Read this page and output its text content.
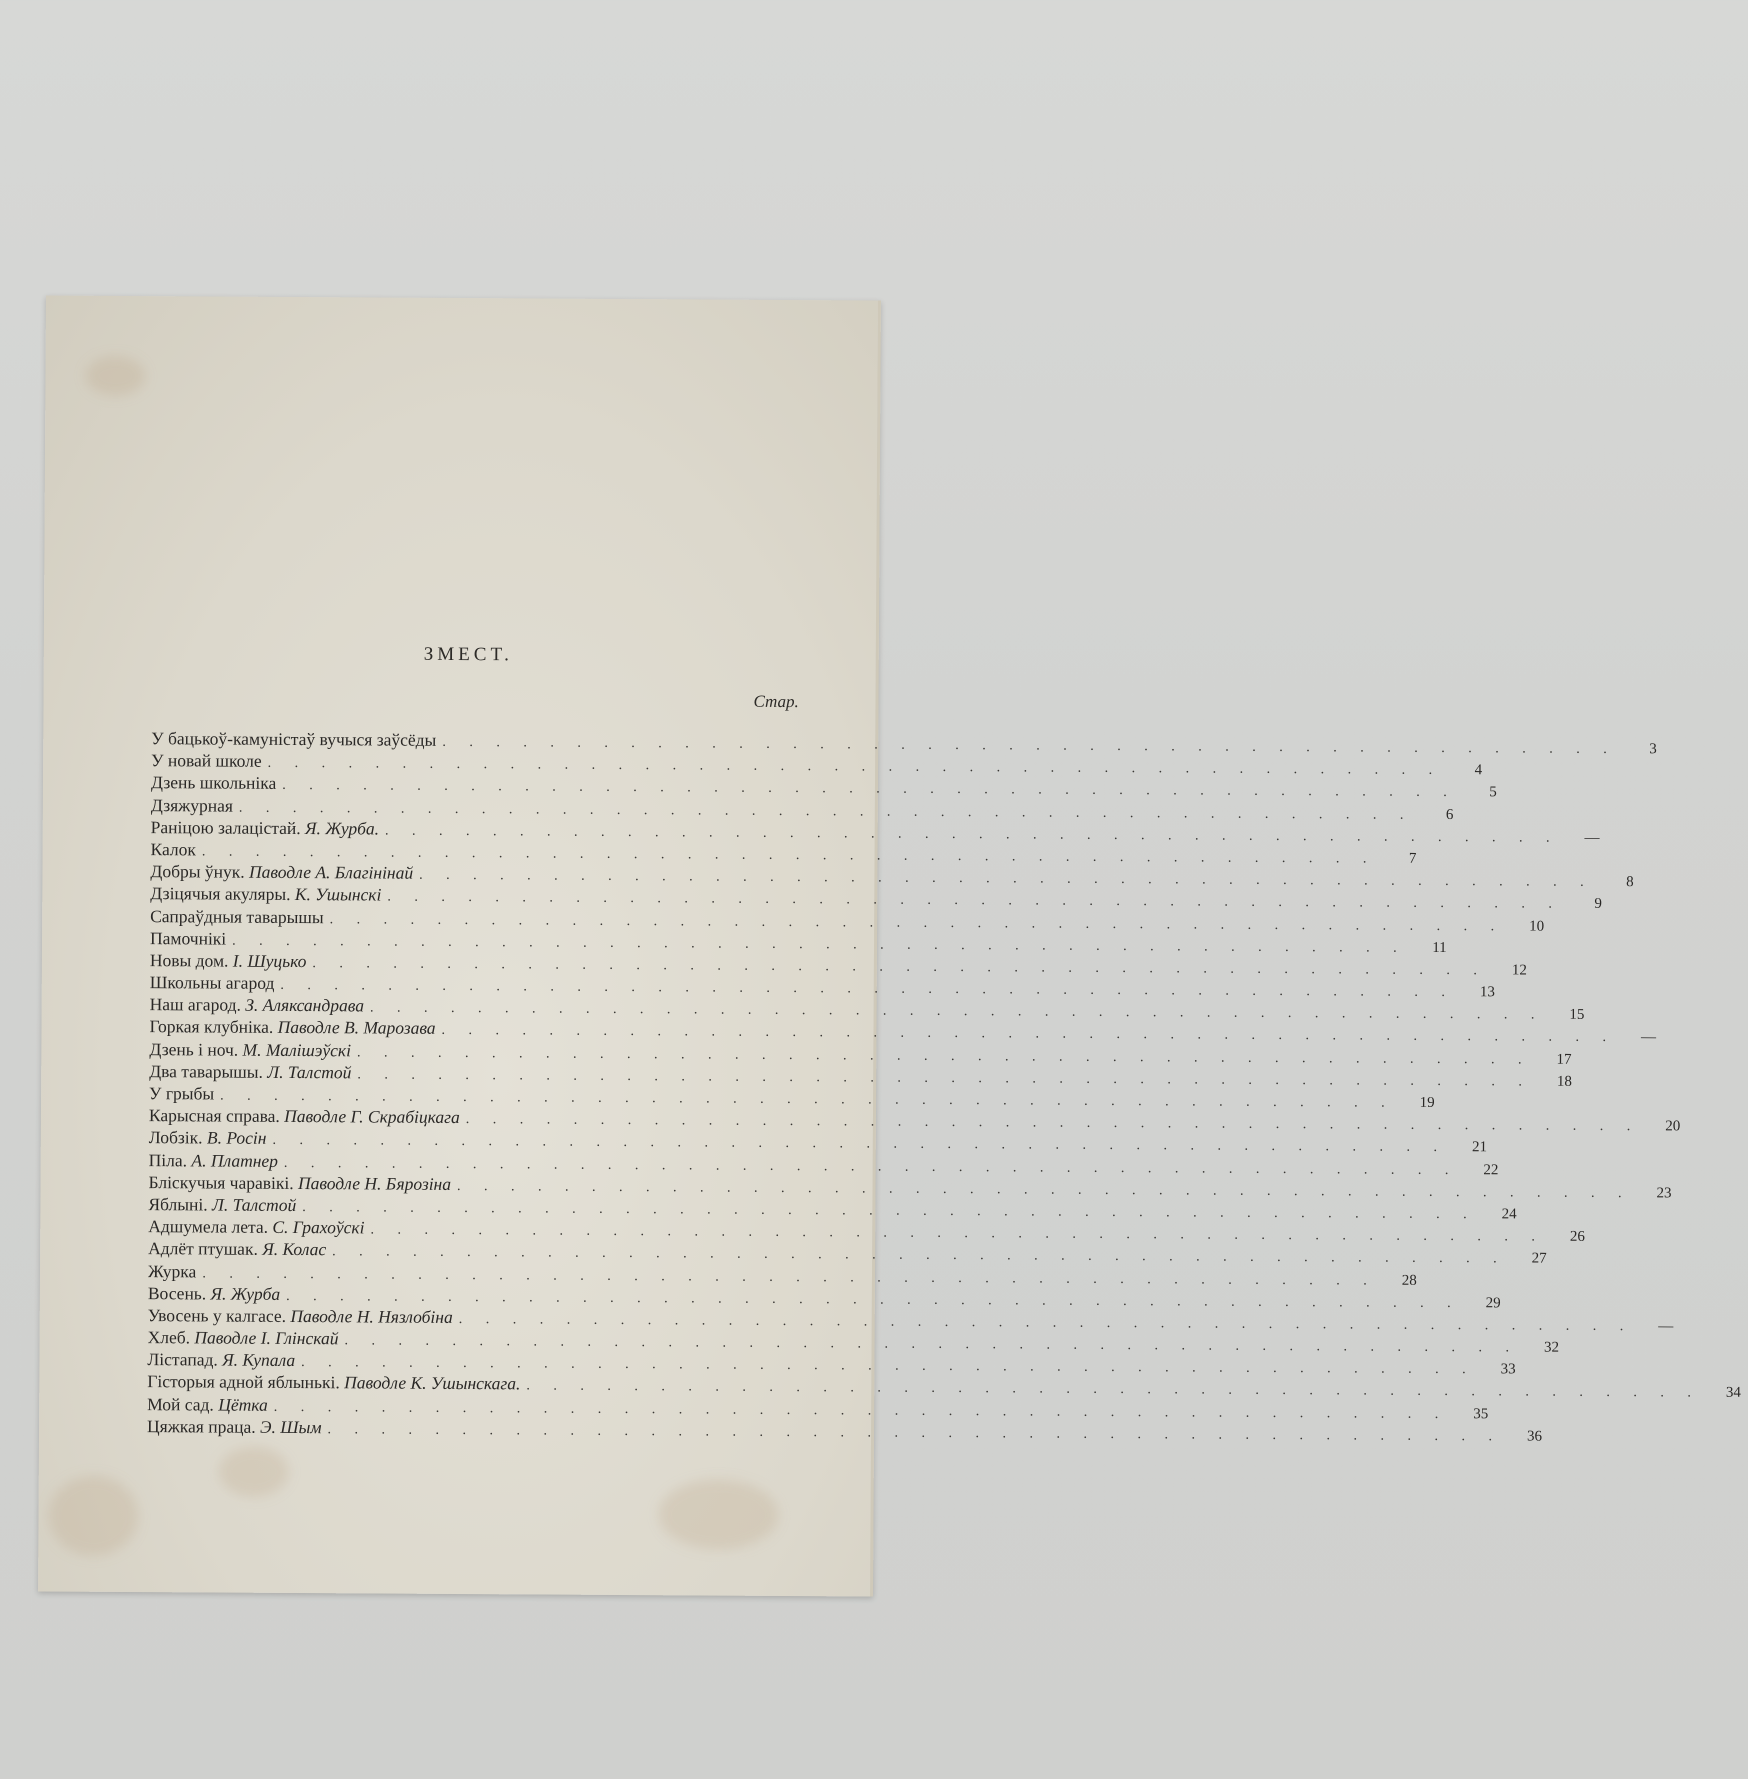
ЗМЕСТ.
Стар.
У бацькоў-камуністаў вучыся заўсёды . . . . . . . . . . . . . . . . . . . . . . . . . . . . . . . . . . . . . . . . . . . .	3
У новай школе . . . . . . . . . . . . . . . . . . . . . . . . . . . . . . . . . . . . . . . . . . . .	4
Дзень школьніка . . . . . . . . . . . . . . . . . . . . . . . . . . . . . . . . . . . . . . . . . . . .	5
Дзяжурная . . . . . . . . . . . . . . . . . . . . . . . . . . . . . . . . . . . . . . . . . . . .	6
Раніцою залацістай. Я. Журба. . . . . . . . . . . . . . . . . . . . . . . . . . . . . . . . . . . . . . . . . . . . .	—
Калок . . . . . . . . . . . . . . . . . . . . . . . . . . . . . . . . . . . . . . . . . . . .	7
Добры ўнук. Паводле А. Благінінай . . . . . . . . . . . . . . . . . . . . . . . . . . . . . . . . . . . . . . . . . . . .	8
Дзіцячыя акуляры. К. Ушынскі . . . . . . . . . . . . . . . . . . . . . . . . . . . . . . . . . . . . . . . . . . . .	9
Сапраўдныя таварышы . . . . . . . . . . . . . . . . . . . . . . . . . . . . . . . . . . . . . . . . . . . .	10
Памочнікі . . . . . . . . . . . . . . . . . . . . . . . . . . . . . . . . . . . . . . . . . . . .	11
Новы дом. І. Шуцько . . . . . . . . . . . . . . . . . . . . . . . . . . . . . . . . . . . . . . . . . . . .	12
Школьны агарод . . . . . . . . . . . . . . . . . . . . . . . . . . . . . . . . . . . . . . . . . . . .	13
Наш агарод. З. Аляксандрава . . . . . . . . . . . . . . . . . . . . . . . . . . . . . . . . . . . . . . . . . . . .	15
Горкая клубніка. Паводле В. Марозава . . . . . . . . . . . . . . . . . . . . . . . . . . . . . . . . . . . . . . . . . . . .	—
Дзень і ноч. М. Малішэўскі . . . . . . . . . . . . . . . . . . . . . . . . . . . . . . . . . . . . . . . . . . . .	17
Два таварышы. Л. Талстой . . . . . . . . . . . . . . . . . . . . . . . . . . . . . . . . . . . . . . . . . . . .	18
У грыбы . . . . . . . . . . . . . . . . . . . . . . . . . . . . . . . . . . . . . . . . . . . .	19
Карысная справа. Паводле Г. Скрабіцкага . . . . . . . . . . . . . . . . . . . . . . . . . . . . . . . . . . . . . . . . . . . .	20
Лобзік. В. Росін . . . . . . . . . . . . . . . . . . . . . . . . . . . . . . . . . . . . . . . . . . . .	21
Піла. А. Платнер . . . . . . . . . . . . . . . . . . . . . . . . . . . . . . . . . . . . . . . . . . . .	22
Бліскучыя чаравікі. Паводле Н. Бярозіна . . . . . . . . . . . . . . . . . . . . . . . . . . . . . . . . . . . . . . . . . . . .	23
Яблыні. Л. Талстой . . . . . . . . . . . . . . . . . . . . . . . . . . . . . . . . . . . . . . . . . . . .	24
Адшумела лета. С. Грахоўскі . . . . . . . . . . . . . . . . . . . . . . . . . . . . . . . . . . . . . . . . . . . .	26
Адлёт птушак. Я. Колас . . . . . . . . . . . . . . . . . . . . . . . . . . . . . . . . . . . . . . . . . . . .	27
Журка . . . . . . . . . . . . . . . . . . . . . . . . . . . . . . . . . . . . . . . . . . . .	28
Восень. Я. Журба . . . . . . . . . . . . . . . . . . . . . . . . . . . . . . . . . . . . . . . . . . . .	29
Увосень у калгасе. Паводле Н. Нязлобіна . . . . . . . . . . . . . . . . . . . . . . . . . . . . . . . . . . . . . . . . . . . .	—
Хлеб. Паводле І. Глінскай . . . . . . . . . . . . . . . . . . . . . . . . . . . . . . . . . . . . . . . . . . . .	32
Лістапад. Я. Купала . . . . . . . . . . . . . . . . . . . . . . . . . . . . . . . . . . . . . . . . . . . .	33
Гісторыя адной яблынькі. Паводле К. Ушынскага. . . . . . . . . . . . . . . . . . . . . . . . . . . . . . . . . . . . . . . . . . . . .	34
Мой сад. Цётка . . . . . . . . . . . . . . . . . . . . . . . . . . . . . . . . . . . . . . . . . . . .	35
Цяжкая праца. Э. Шым . . . . . . . . . . . . . . . . . . . . . . . . . . . . . . . . . . . . . . . . . . . .	36
